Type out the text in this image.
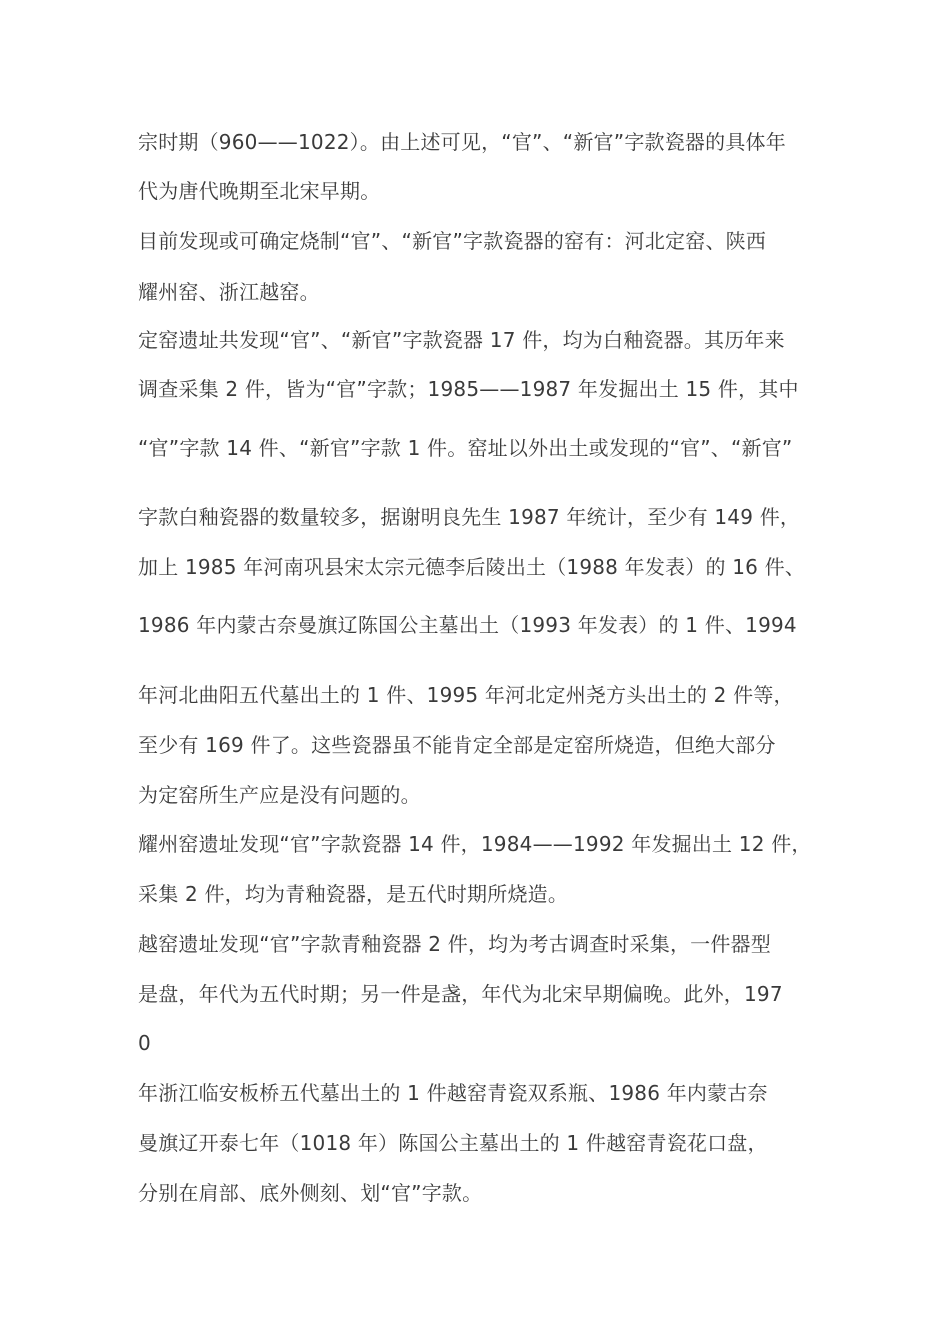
宗时期（960——1022）。由上述可见，“官”、“新官”字款瓷器的具体年
代为唐代晚期至北宋早期。
目前发现或可确定烧制“官”、“新官”字款瓷器的窑有：河北定窑、陕西
耀州窑、浙江越窑。
定窑遗址共发现“官”、“新官”字款瓷器 17 件，均为白釉瓷器。其历年来
调查采集 2 件，皆为“官”字款；1985——1987 年发掘出土 15 件，其中
“官”字款 14 件、“新官”字款 1 件。窑址以外出土或发现的“官”、“新官”
字款白釉瓷器的数量较多，据谢明良先生 1987 年统计，至少有 149 件，
加上 1985 年河南巩县宋太宗元德李后陵出土（1988 年发表）的 16 件、
1986 年内蒙古奈曼旗辽陈国公主墓出土（1993 年发表）的 1 件、1994
年河北曲阳五代墓出土的 1 件、1995 年河北定州尧方头出土的 2 件等，
至少有 169 件了。这些瓷器虽不能肯定全部是定窑所烧造，但绝大部分
为定窑所生产应是没有问题的。
耀州窑遗址发现“官”字款瓷器 14 件，1984——1992 年发掘出土 12 件，
采集 2 件，均为青釉瓷器，是五代时期所烧造。
越窑遗址发现“官”字款青釉瓷器 2 件，均为考古调查时采集，一件器型
是盘，年代为五代时期；另一件是盏，年代为北宋早期偏晚。此外，197
0
年浙江临安板桥五代墓出土的 1 件越窑青瓷双系瓶、1986 年内蒙古奈
曼旗辽开泰七年（1018 年）陈国公主墓出土的 1 件越窑青瓷花口盘，
分别在肩部、底外侧刻、划“官”字款。
